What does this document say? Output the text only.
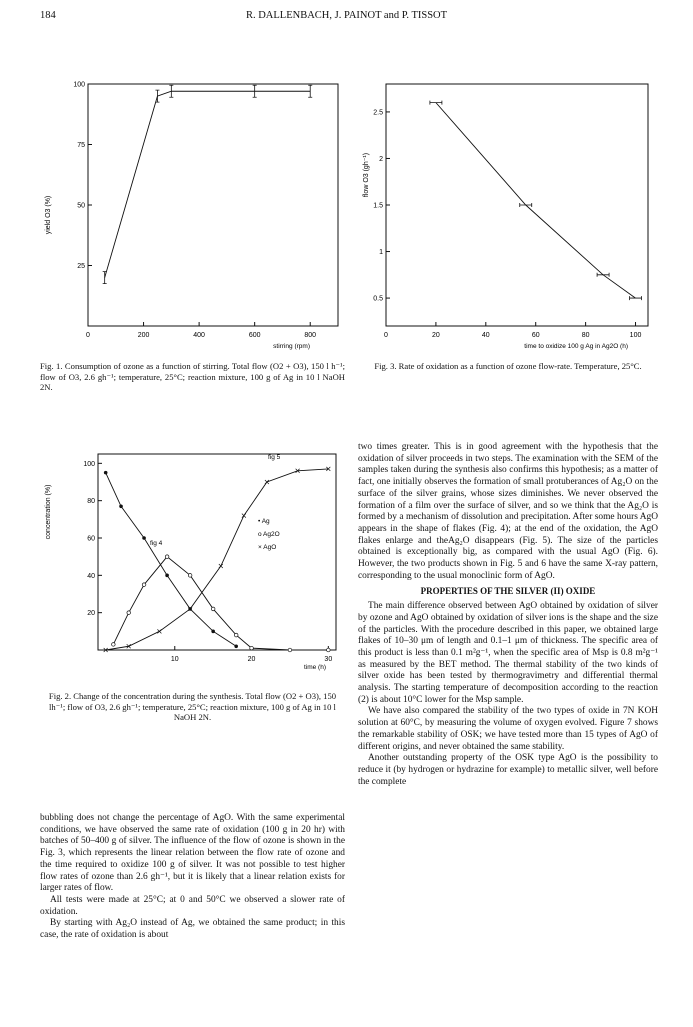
184	R. DALLENBACH, J. PAINOT and P. TISSOT
yield O3 (%)
stirring (rpm)
0	200	400	600	800
25
50
75
100
Fig. 1. Consumption of ozone as a function of stirring. Total flow (O2 + O3), 150 l h⁻¹; flow of O3, 2.6 gh⁻¹; temperature, 25°C; reaction mixture, 100 g of Ag in 10 l NaOH 2N.
flow O3 (gh⁻¹)
time to oxidize 100 g Ag in Ag2O (h)
0	20	40	60	80	100
0.5
1
1.5
2
2.5
Fig. 3. Rate of oxidation as a function of ozone flow-rate. Temperature, 25°C.
concentration (%)
time (h)
fig 5
fig 4
• Ag
o Ag2O
× AgO
10	20	30
20
40
60
80
100
Fig. 2. Change of the concentration during the synthesis. Total flow (O2 + O3), 150 lh⁻¹; flow of O3, 2.6 gh⁻¹; temperature, 25°C; reaction mixture, 100 g of Ag in 10 l NaOH 2N.

bubbling does not change the percentage of AgO. With the same experimental conditions, we have observed the same rate of oxidation (100 g in 20 hr) with batches of 50–400 g of silver. The influence of the flow of ozone is shown in the Fig. 3, which represents the linear relation between the flow rate of ozone and the time required to oxidize 100 g of silver. It was not possible to test higher flow rates of ozone than 2.6 gh⁻¹, but it is likely that a linear relation exists for larger rates of flow.

All tests were made at 25°C; at 0 and 50°C we observed a slower rate of oxidation.

By starting with Ag₂O instead of Ag, we obtained the same product; in this case, the rate of oxidation is about

two times greater. This is in good agreement with the hypothesis that the oxidation of silver proceeds in two steps. The examination with the SEM of the samples taken during the synthesis also confirms this hypothesis; as a matter of fact, one initially observes the formation of small protuberances of Ag₂O on the surface of the silver grains, whose sizes diminishes. We never observed the formation of a film over the surface of silver, and so we think that the Ag₂O is formed by a mechanism of dissolution and precipitation. After some hours AgO appears in the shape of flakes (Fig. 4); at the end of the oxidation, the AgO flakes enlarge and theAg₂O disappears (Fig. 5). The size of the particles obtained is exceptionally big, as compared with the usual AgO (Fig. 6). However, the two products shown in Fig. 5 and 6 have the same X-ray pattern, corresponding to the usual monoclinic form of AgO.

PROPERTIES OF THE SILVER (II) OXIDE

The main difference observed between AgO obtained by oxidation of silver by ozone and AgO obtained by oxidation of silver ions is the shape and the size of the particles. With the procedure described in this paper, we obtained large flakes of 10–30 μm of length and 0.1–1 μm of thickness. The specific area of this product is less than 0.1 m²g⁻¹, when the specific area of Msp is 0.8 m²g⁻¹ as measured by the BET method. The thermal stability of the two kinds of silver oxide has been tested by thermogravimetry and differential thermal analysis. The starting temperature of decomposition according to the reaction (2) is about 10°C lower for the Msp sample.

We have also compared the stability of the two types of oxide in 7N KOH solution at 60°C, by measuring the volume of oxygen evolved. Figure 7 shows the remarkable stability of OSK; we have tested more than 15 types of AgO of different origins, and never obtained the same stability.

Another outstanding property of the OSK type AgO is the possibility to reduce it (by hydrogen or hydrazine for example) to metallic silver, well before the complete
